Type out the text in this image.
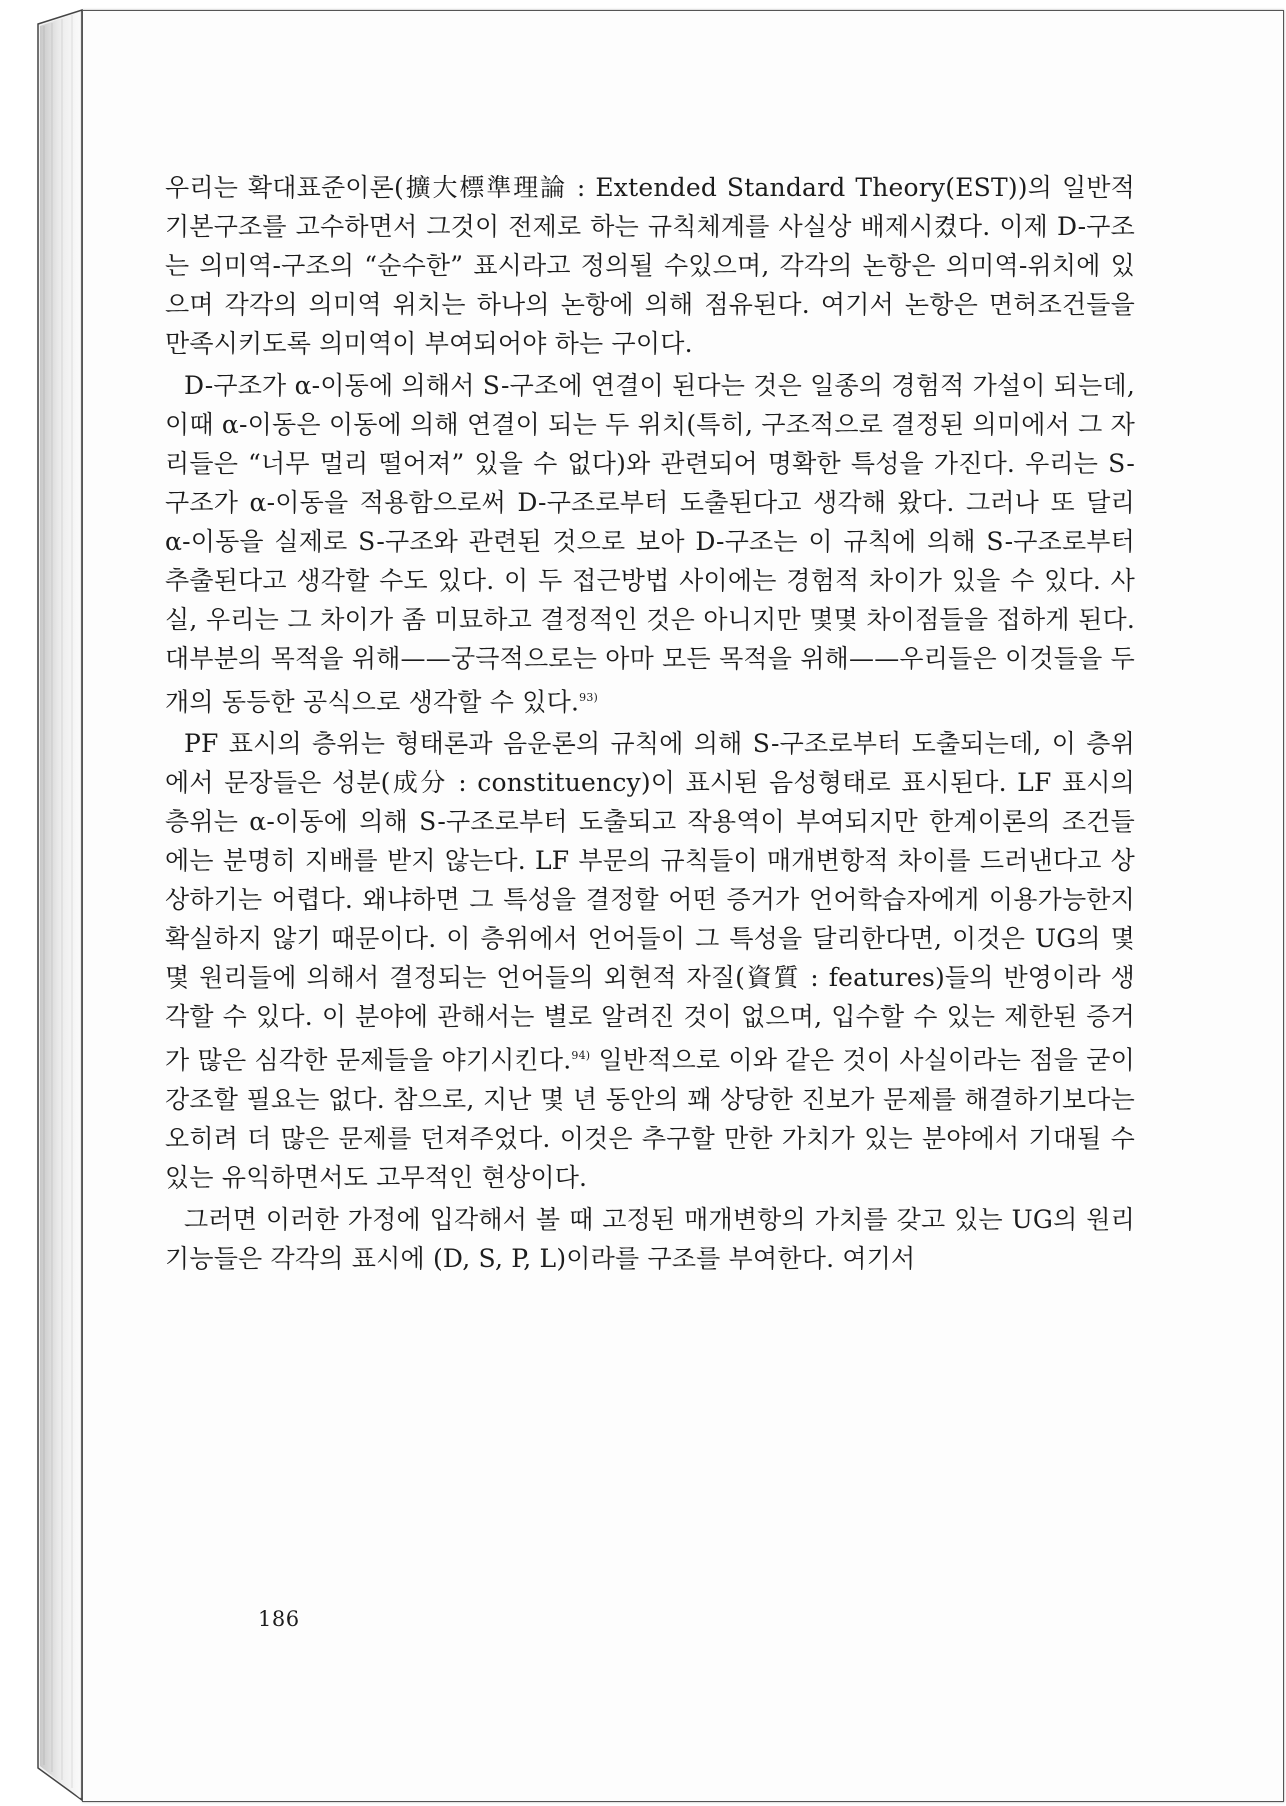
우리는 확대표준이론(擴大標準理論 : Extended Standard Theory(EST))의 일반적 기본구조를 고수하면서 그것이 전제로 하는 규칙체계를 사실상 배제시켰다. 이제 D-구조는 의미역-구조의 “순수한” 표시라고 정의될 수있으며, 각각의 논항은 의미역-위치에 있으며 각각의 의미역 위치는 하나의 논항에 의해 점유된다. 여기서 논항은 면허조건들을 만족시키도록 의미역이 부여되어야 하는 구이다.

D-구조가 α-이동에 의해서 S-구조에 연결이 된다는 것은 일종의 경험적 가설이 되는데, 이때 α-이동은 이동에 의해 연결이 되는 두 위치(특히, 구조적으로 결정된 의미에서 그 자리들은 “너무 멀리 떨어져” 있을 수 없다)와 관련되어 명확한 특성을 가진다. 우리는 S-구조가 α-이동을 적용함으로써 D-구조로부터 도출된다고 생각해 왔다. 그러나 또 달리 α-이동을 실제로 S-구조와 관련된 것으로 보아 D-구조는 이 규칙에 의해 S-구조로부터 추출된다고 생각할 수도 있다. 이 두 접근방법 사이에는 경험적 차이가 있을 수 있다. 사실, 우리는 그 차이가 좀 미묘하고 결정적인 것은 아니지만 몇몇 차이점들을 접하게 된다. 대부분의 목적을 위해——궁극적으로는 아마 모든 목적을 위해——우리들은 이것들을 두 개의 동등한 공식으로 생각할 수 있다.$^{93)}$

PF 표시의 층위는 형태론과 음운론의 규칙에 의해 S-구조로부터 도출되는데, 이 층위에서 문장들은 성분(成分 : constituency)이 표시된 음성형태로 표시된다. LF 표시의 층위는 α-이동에 의해 S-구조로부터 도출되고 작용역이 부여되지만 한계이론의 조건들에는 분명히 지배를 받지 않는다. LF 부문의 규칙들이 매개변항적 차이를 드러낸다고 상상하기는 어렵다. 왜냐하면 그 특성을 결정할 어떤 증거가 언어학습자에게 이용가능한지 확실하지 않기 때문이다. 이 층위에서 언어들이 그 특성을 달리한다면, 이것은 UG의 몇몇 원리들에 의해서 결정되는 언어들의 외현적 자질(資質 : features)들의 반영이라 생각할 수 있다. 이 분야에 관해서는 별로 알려진 것이 없으며, 입수할 수 있는 제한된 증거가 많은 심각한 문제들을 야기시킨다.$^{94)}$ 일반적으로 이와 같은 것이 사실이라는 점을 굳이 강조할 필요는 없다. 참으로, 지난 몇 년 동안의 꽤 상당한 진보가 문제를 해결하기보다는 오히려 더 많은 문제를 던져주었다. 이것은 추구할 만한 가치가 있는 분야에서 기대될 수 있는 유익하면서도 고무적인 현상이다.

그러면 이러한 가정에 입각해서 볼 때 고정된 매개변항의 가치를 갖고 있는 UG의 원리기능들은 각각의 표시에 (D, S, P, L)이라를 구조를 부여한다. 여기서

186
